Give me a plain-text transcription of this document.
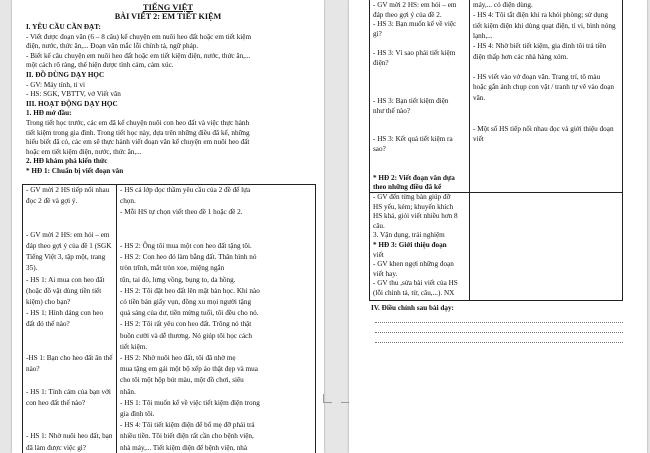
TIẾNG VIỆT
BÀI VIẾT 2: EM TIẾT KIỆM
I. YÊU CẦU CẦN ĐẠT:
- Viết được đoạn văn (6 – 8 câu) kể chuyện em nuôi heo đất hoặc em tiết kiệm
điện, nước, thức ăn,... Đoạn văn mắc lỗi chính tả, ngữ pháp.
- Biết kể câu chuyện em nuôi heo đất hoặc em tiết kiệm điện, nước, thức ăn,...
một cách rõ ràng, thể hiện được tình cảm, cảm xúc.
II. ĐỒ DÙNG DẠY HỌC
- GV: Máy tính, ti vi
- HS: SGK, VBTTV, vở Viết văn
III. HOẠT ĐỘNG DẠY HỌC
1. HĐ mở đầu:
Trong tiết học trước, các em đã kể chuyện nuôi con heo đất và việc thực hành
tiết kiệm trong gia đình. Trong tiết học này, dựa trên những điều đã kể, những
hiểu biết đã có, các em sẽ thực hành viết đoạn văn kể chuyện em nuôi heo đất
hoặc em tiết kiệm điện, nước, thức ăn,...
2. HĐ khám phá kiến thức
* HĐ 1: Chuẩn bị viết đoạn văn
- GV mời 2 HS tiếp nối nhau
đọc 2 đề và gợi ý.
- GV mời 2 HS: em hỏi – em
đáp theo gợi ý của đề 1 (SGK
Tiếng Việt 3, tập một, trang
35).
- HS 1: Ai mua con heo đất
(hoặc đồ vật dùng tiền tiết
kiệm) cho bạn?
- HS 1: Hình dáng con heo
đất đó thế nào?
-HS 1: Bạn cho heo đất ăn thế
nào?
- HS 1: Tính cảm của bạn với
con heo đất thế nào?
- HS 1: Nhờ nuôi heo đất, bạn
đã làm được việc gì?
- HS cả lớp đọc thầm yêu cầu của 2 đề để lựa
chọn.
- Mỗi HS tự chọn viết theo đề 1 hoặc đề 2.
- HS 2: Ông tôi mua một con heo đất tặng tôi.
- HS 2: Con heo đó làm bằng đất. Thân hình nó
tròn trĩnh, mắt tròn xoe, miệng ngắn
tũn, tai đỏ, lưng vồng, bụng to, da hồng.
- HS 2: Tôi đặt heo đất lên mặt bàn học. Khi nào
có tiền bán giấy vụn, đồng xu mọi người tặng
quà sáng của dư, tiền mừng tuổi, tôi đều cho nó.
- HS 2: Tôi rất yêu con heo đất. Trông nó thật
buồn cười và dễ thương. Nó giúp tôi học cách
tiết kiệm.
- HS 2: Nhờ nuôi heo đất, tôi đã nhờ mẹ
mua tặng em gái một bộ xếp áo thật đẹp và mua
cho tôi một hộp bút màu, một đồ chơi, siêu
nhân.
- HS 1: Tôi muốn kể về việc tiết kiệm điện trong
gia đình tôi.
- HS 4: Tôi tiết kiệm điện để bố mẹ đỡ phải trả
nhiều tiền. Tôi biết điện rất cần cho bệnh viện,
nhà máy,... Tiết kiệm điện để bệnh viện, nhà
- GV mời 2 HS: em hỏi – em
đáp theo gợi ý của đề 2.
- HS 3: Bạn muốn kể về việc
gì?
- HS 3: Vì sao phải tiết kiệm
điện?
- HS 3: Bạn tiết kiệm điện
như thế nào?
- HS 3: Kết quả tiết kiệm ra
sao?
* HĐ 2: Viết đoạn văn dựa
theo những điều đã kể
- GV đến từng bàn giúp đỡ
HS yếu, kém; khuyến khích
HS khá, giỏi viết nhiều hơn 8
câu.
3. Vận dụng, trải nghiệm
* HĐ 3: Giới thiệu đoạn
viết
- GV khen ngợi những đoạn
viết hay.
- GV thu ,sửa bài viết của HS
(lỗi chính tả, từ, câu,...). NX
máy,... có điện dùng.
- HS 4: Tôi tắt điện khi ra khỏi phòng; sử dụng
tiết kiệm điện khi dùng quạt điện, tỉ vi, bình nóng
lạnh,...
- HS 4: Nhờ biết tiết kiệm, gia đình tôi trả tiền
điện thấp hơn các nhà hàng xóm.
- HS viết vào vở đoạn văn. Trang trí, tô màu
hoặc gắn ảnh chụp con vật / tranh tự vẽ vào đoạn
văn.
- Một số HS tiếp nối nhau đọc và giới thiệu đoạn
viết
IV. Điều chỉnh sau bài dạy:
